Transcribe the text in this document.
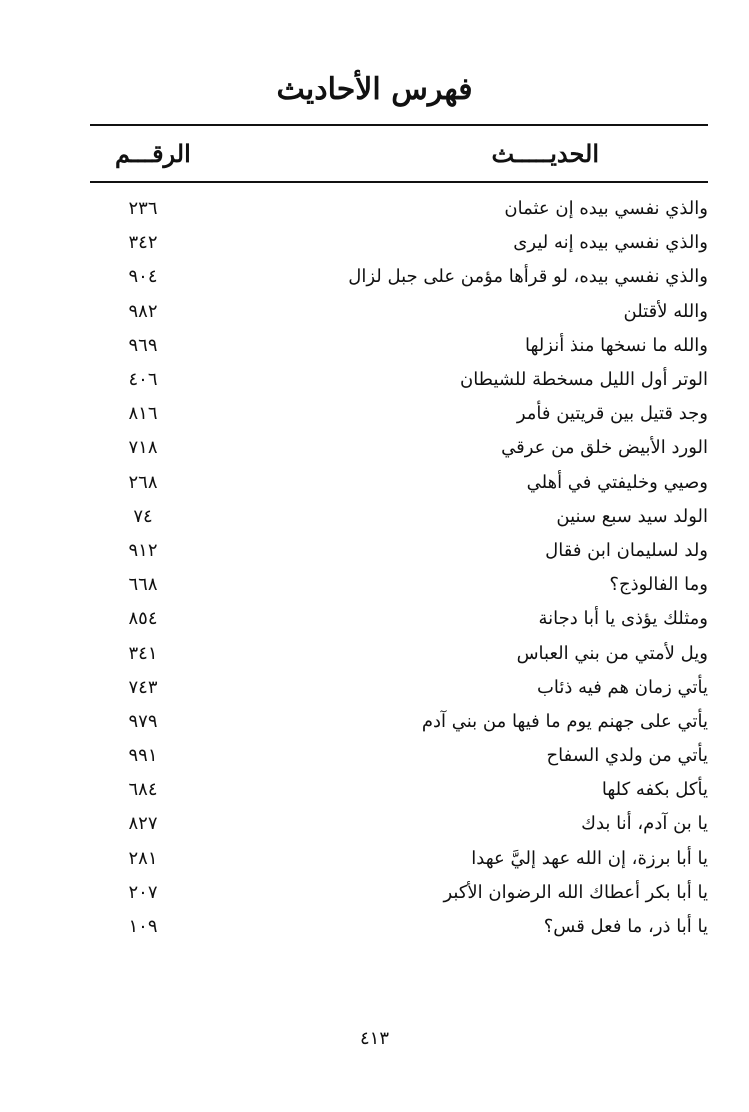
فهرس الأحاديث
الحديـــــث
الرقـــم
والذي نفسي بيده إن عثمان
٢٣٦
والذي نفسي بيده إنه ليرى
٣٤٢
والذي نفسي بيده، لو قرأها مؤمن على جبل لزال
٩٠٤
والله لأقتلن
٩٨٢
والله ما نسخها منذ أنزلها
٩٦٩
الوتر أول الليل مسخطة للشيطان
٤٠٦
وجد قتيل بين قريتين فأمر
٨١٦
الورد الأبيض خلق من عرقي
٧١٨
وصيي وخليفتي في أهلي
٢٦٨
الولد سيد سبع سنين
٧٤
ولد لسليمان ابن فقال
٩١٢
وما الفالوذج؟
٦٦٨
ومثلك يؤذى يا أبا دجانة
٨٥٤
ويل لأمتي من بني العباس
٣٤١
يأتي زمان هم فيه ذئاب
٧٤٣
يأتي على جهنم يوم ما فيها من بني آدم
٩٧٩
يأتي من ولدي السفاح
٩٩١
يأكل بكفه كلها
٦٨٤
يا بن آدم، أنا بدك
٨٢٧
يا أبا برزة، إن الله عهد إليَّ عهدا
٢٨١
يا أبا بكر أعطاك الله الرضوان الأكبر
٢٠٧
يا أبا ذر، ما فعل قس؟
١٠٩
٤١٣
